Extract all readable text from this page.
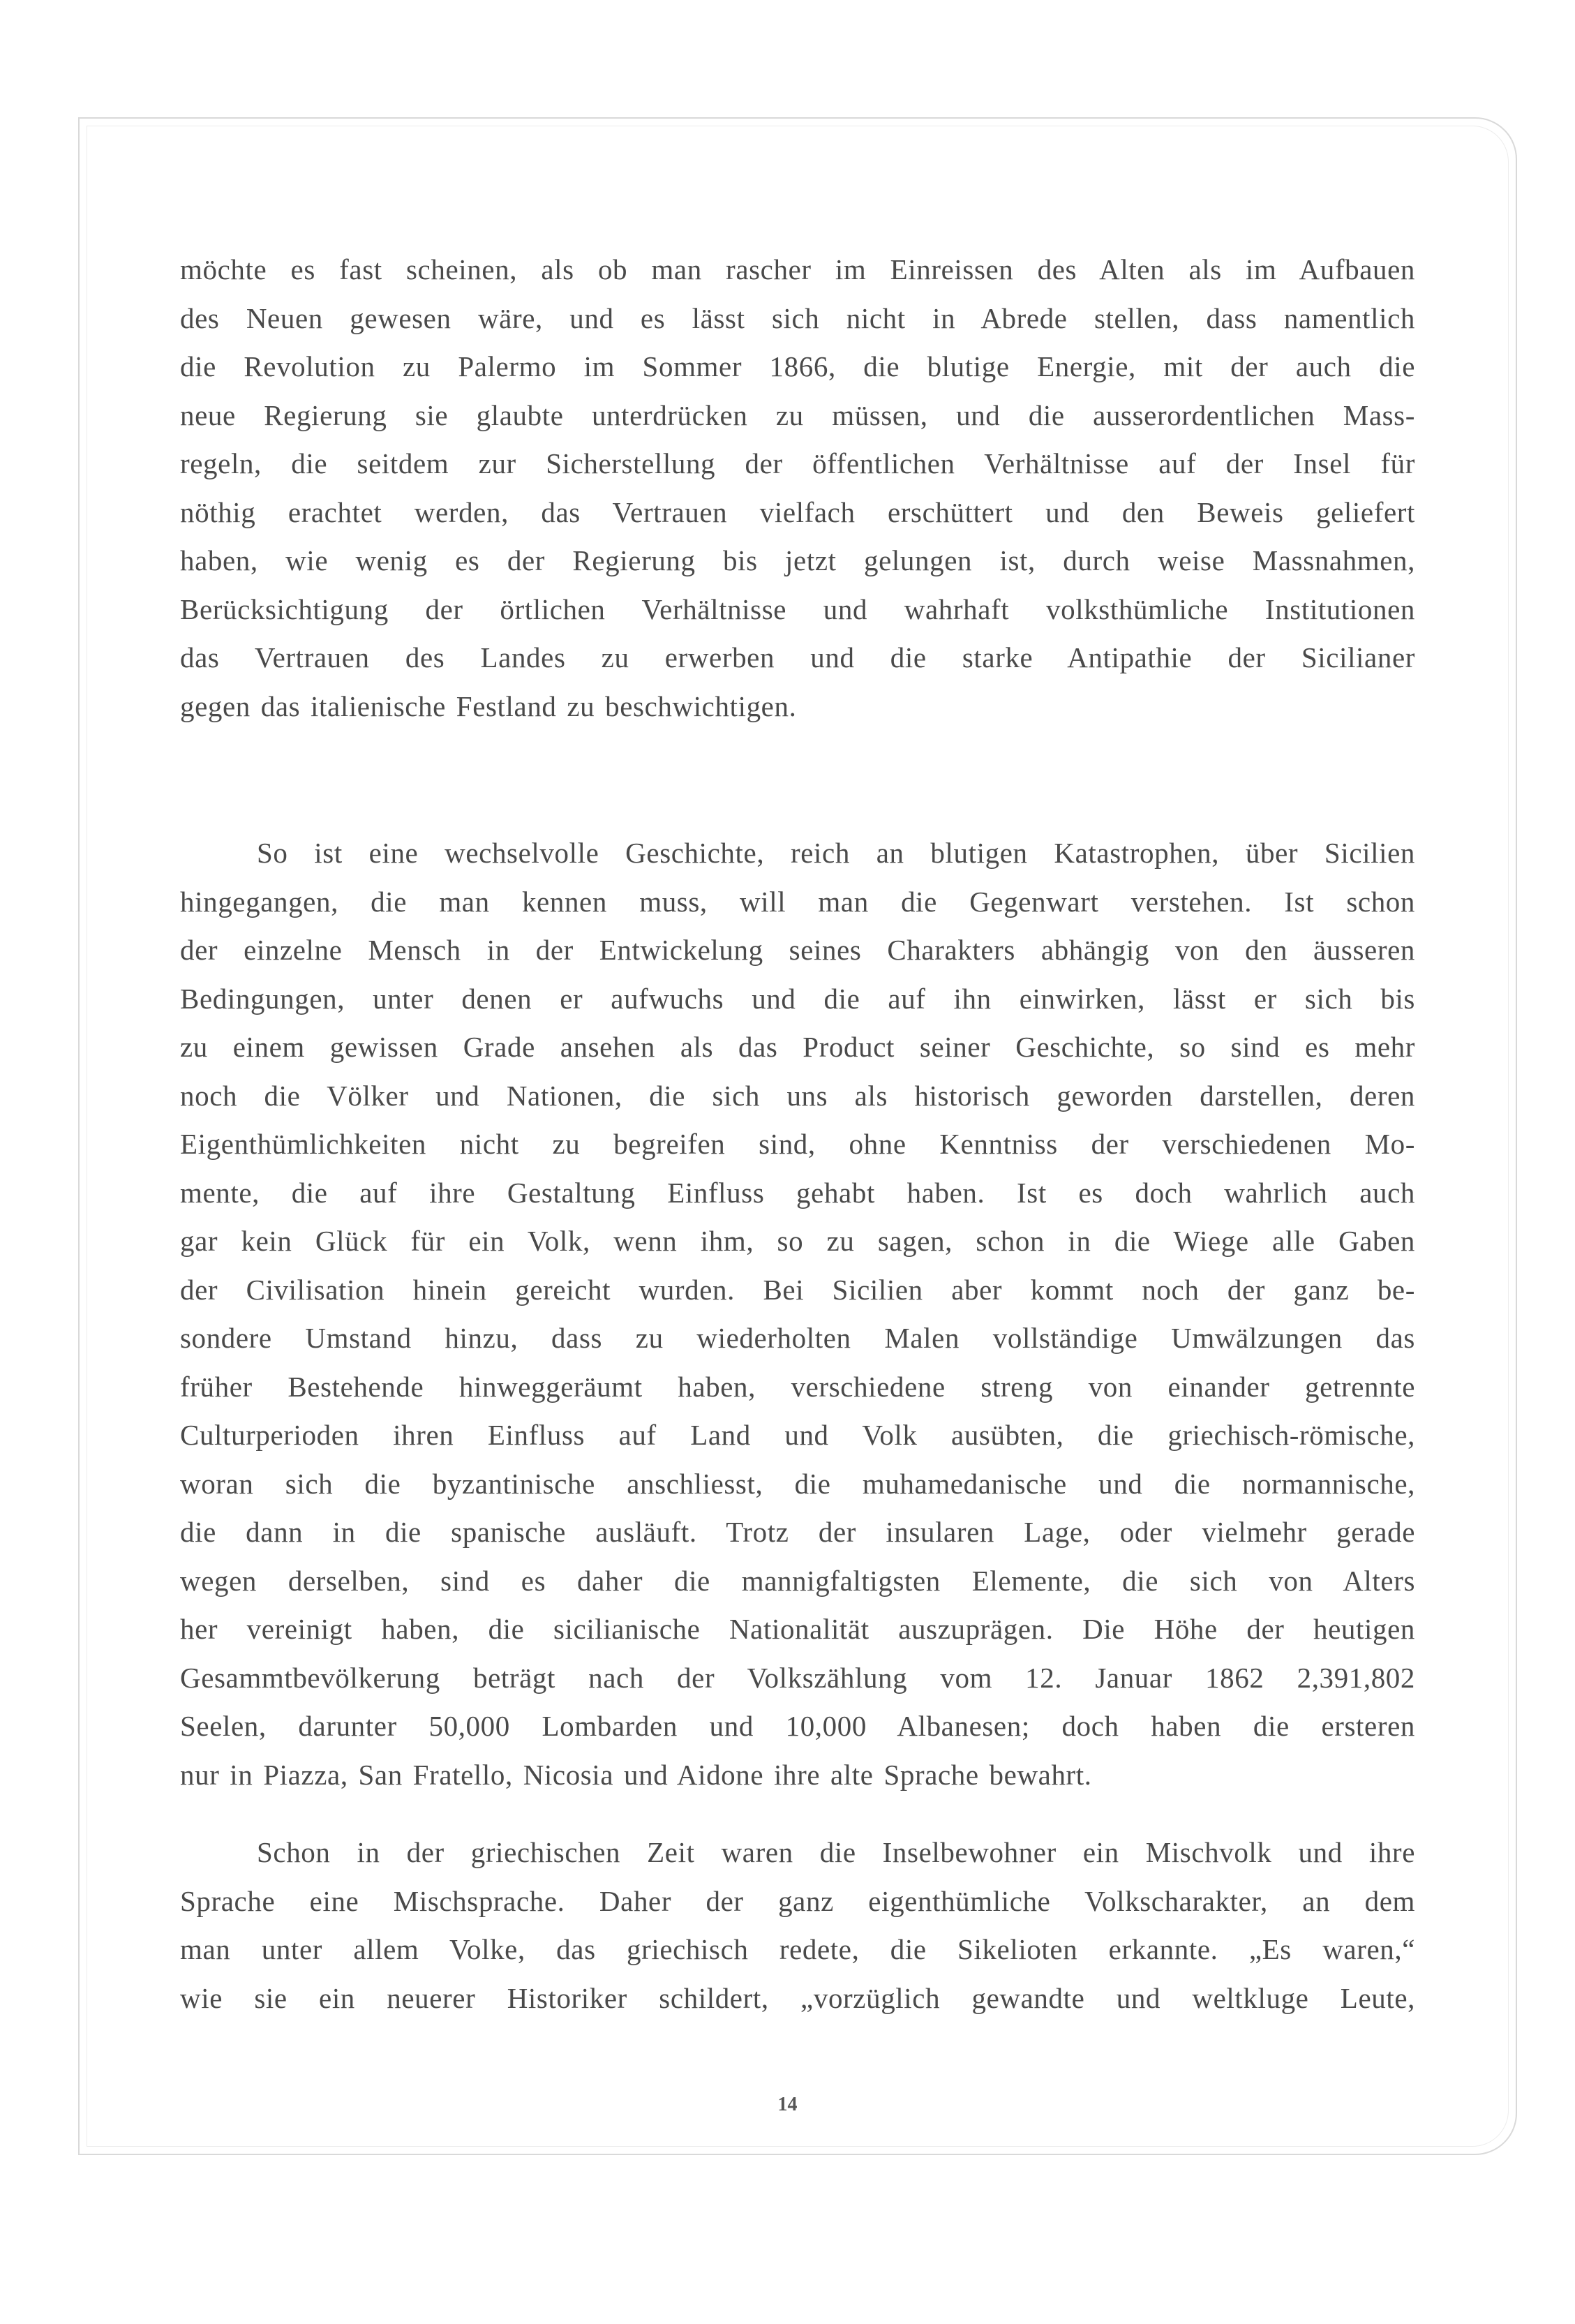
möchte es fast scheinen, als ob man rascher im Einreissen des Alten als im Aufbauen
des Neuen gewesen wäre, und es lässt sich nicht in Abrede stellen, dass namentlich
die Revolution zu Palermo im Sommer 1866, die blutige Energie, mit der auch die
neue Regierung sie glaubte unterdrücken zu müssen, und die ausserordentlichen Mass-
regeln, die seitdem zur Sicherstellung der öffentlichen Verhältnisse auf der Insel für
nöthig erachtet werden, das Vertrauen vielfach erschüttert und den Beweis geliefert
haben, wie wenig es der Regierung bis jetzt gelungen ist, durch weise Massnahmen,
Berücksichtigung der örtlichen Verhältnisse und wahrhaft volksthümliche Institutionen
das Vertrauen des Landes zu erwerben und die starke Antipathie der Sicilianer
gegen das italienische Festland zu beschwichtigen.
So ist eine wechselvolle Geschichte, reich an blutigen Katastrophen, über Sicilien
hingegangen, die man kennen muss, will man die Gegenwart verstehen. Ist schon
der einzelne Mensch in der Entwickelung seines Charakters abhängig von den äusseren
Bedingungen, unter denen er aufwuchs und die auf ihn einwirken, lässt er sich bis
zu einem gewissen Grade ansehen als das Product seiner Geschichte, so sind es mehr
noch die Völker und Nationen, die sich uns als historisch geworden darstellen, deren
Eigenthümlichkeiten nicht zu begreifen sind, ohne Kenntniss der verschiedenen Mo-
mente, die auf ihre Gestaltung Einfluss gehabt haben. Ist es doch wahrlich auch
gar kein Glück für ein Volk, wenn ihm, so zu sagen, schon in die Wiege alle Gaben
der Civilisation hinein gereicht wurden. Bei Sicilien aber kommt noch der ganz be-
sondere Umstand hinzu, dass zu wiederholten Malen vollständige Umwälzungen das
früher Bestehende hinweggeräumt haben, verschiedene streng von einander getrennte
Culturperioden ihren Einfluss auf Land und Volk ausübten, die griechisch-römische,
woran sich die byzantinische anschliesst, die muhamedanische und die normannische,
die dann in die spanische ausläuft. Trotz der insularen Lage, oder vielmehr gerade
wegen derselben, sind es daher die mannigfaltigsten Elemente, die sich von Alters
her vereinigt haben, die sicilianische Nationalität auszuprägen. Die Höhe der heutigen
Gesammtbevölkerung beträgt nach der Volkszählung vom 12. Januar 1862 2,391,802
Seelen, darunter 50,000 Lombarden und 10,000 Albanesen; doch haben die ersteren
nur in Piazza, San Fratello, Nicosia und Aidone ihre alte Sprache bewahrt.
Schon in der griechischen Zeit waren die Inselbewohner ein Mischvolk und ihre
Sprache eine Mischsprache. Daher der ganz eigenthümliche Volkscharakter, an dem
man unter allem Volke, das griechisch redete, die Sikelioten erkannte. „Es waren,“
wie sie ein neuerer Historiker schildert, „vorzüglich gewandte und weltkluge Leute,
14
